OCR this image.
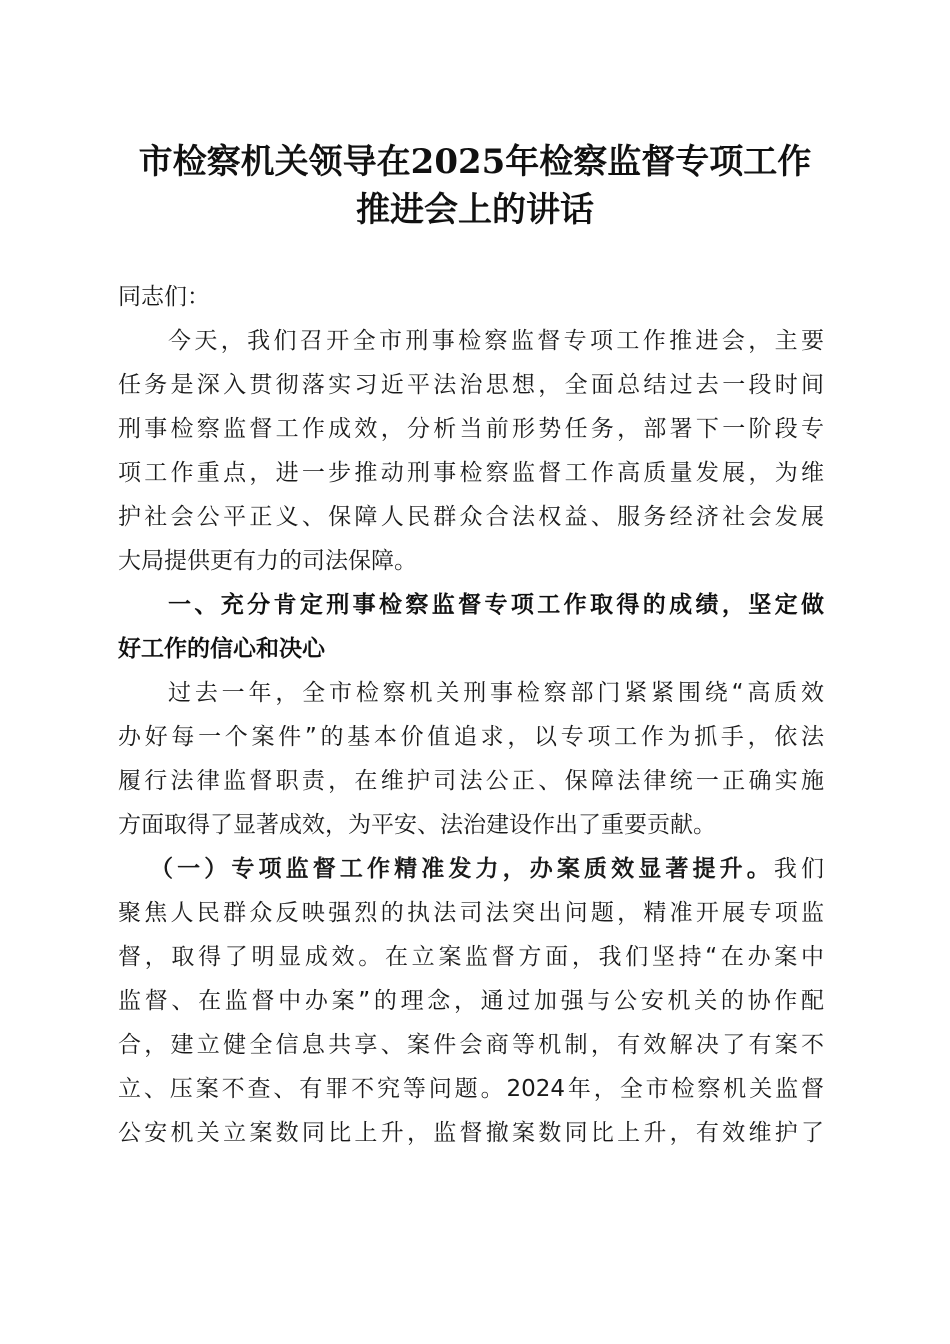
市检察机关领导在2025年检察监督专项工作
推进会上的讲话
同志们：
今天，我们召开全市刑事检察监督专项工作推进会，主要
任务是深入贯彻落实习近平法治思想，全面总结过去一段时间
刑事检察监督工作成效，分析当前形势任务，部署下一阶段专
项工作重点，进一步推动刑事检察监督工作高质量发展，为维
护社会公平正义、保障人民群众合法权益、服务经济社会发展
大局提供更有力的司法保障。
一、充分肯定刑事检察监督专项工作取得的成绩，坚定做
好工作的信心和决心
过去一年，全市检察机关刑事检察部门紧紧围绕“高质效
办好每一个案件”的基本价值追求，以专项工作为抓手，依法
履行法律监督职责，在维护司法公正、保障法律统一正确实施
方面取得了显著成效，为平安、法治建设作出了重要贡献。
（一）专项监督工作精准发力，办案质效显著提升。我们
聚焦人民群众反映强烈的执法司法突出问题，精准开展专项监
督，取得了明显成效。在立案监督方面，我们坚持“在办案中
监督、在监督中办案”的理念，通过加强与公安机关的协作配
合，建立健全信息共享、案件会商等机制，有效解决了有案不
立、压案不查、有罪不究等问题。2024年，全市检察机关监督
公安机关立案数同比上升，监督撤案数同比上升，有效维护了
